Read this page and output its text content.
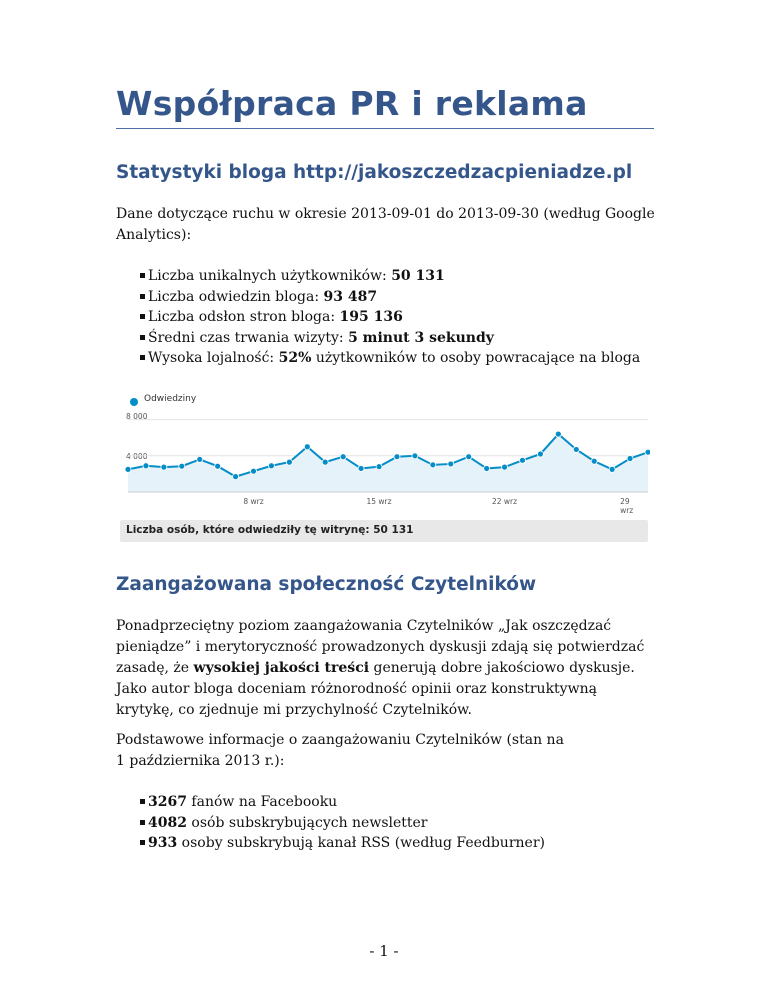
Współpraca PR i reklama
Statystyki bloga http://jakoszczedzacpieniadze.pl

Dane dotyczące ruchu w okresie 2013-09-01 do 2013-09-30 (według Google Analytics):

Liczba unikalnych użytkowników: 50 131
Liczba odwiedzin bloga: 93 487
Liczba odsłon stron bloga: 195 136
Średni czas trwania wizyty: 5 minut 3 sekundy
Wysoka lojalność: 52% użytkowników to osoby powracające na bloga
Odwiedziny
8 000
4 000
8 wrz	15 wrz	22 wrz	29 wrz
Liczba osób, które odwiedziły tę witrynę: 50 131
Zaangażowana społeczność Czytelników

Ponadprzeciętny poziom zaangażowania Czytelników „Jak oszczędzać pieniądze” i merytoryczność prowadzonych dyskusji zdają się potwierdzać zasadę, że wysokiej jakości treści generują dobre jakościowo dyskusje. Jako autor bloga doceniam różnorodność opinii oraz konstruktywną krytykę, co zjednuje mi przychylność Czytelników.

Podstawowe informacje o zaangażowaniu Czytelników (stan na
1 października 2013 r.):

3267 fanów na Facebooku
4082 osób subskrybujących newsletter
933 osoby subskrybują kanał RSS (według Feedburner)
- 1 -
